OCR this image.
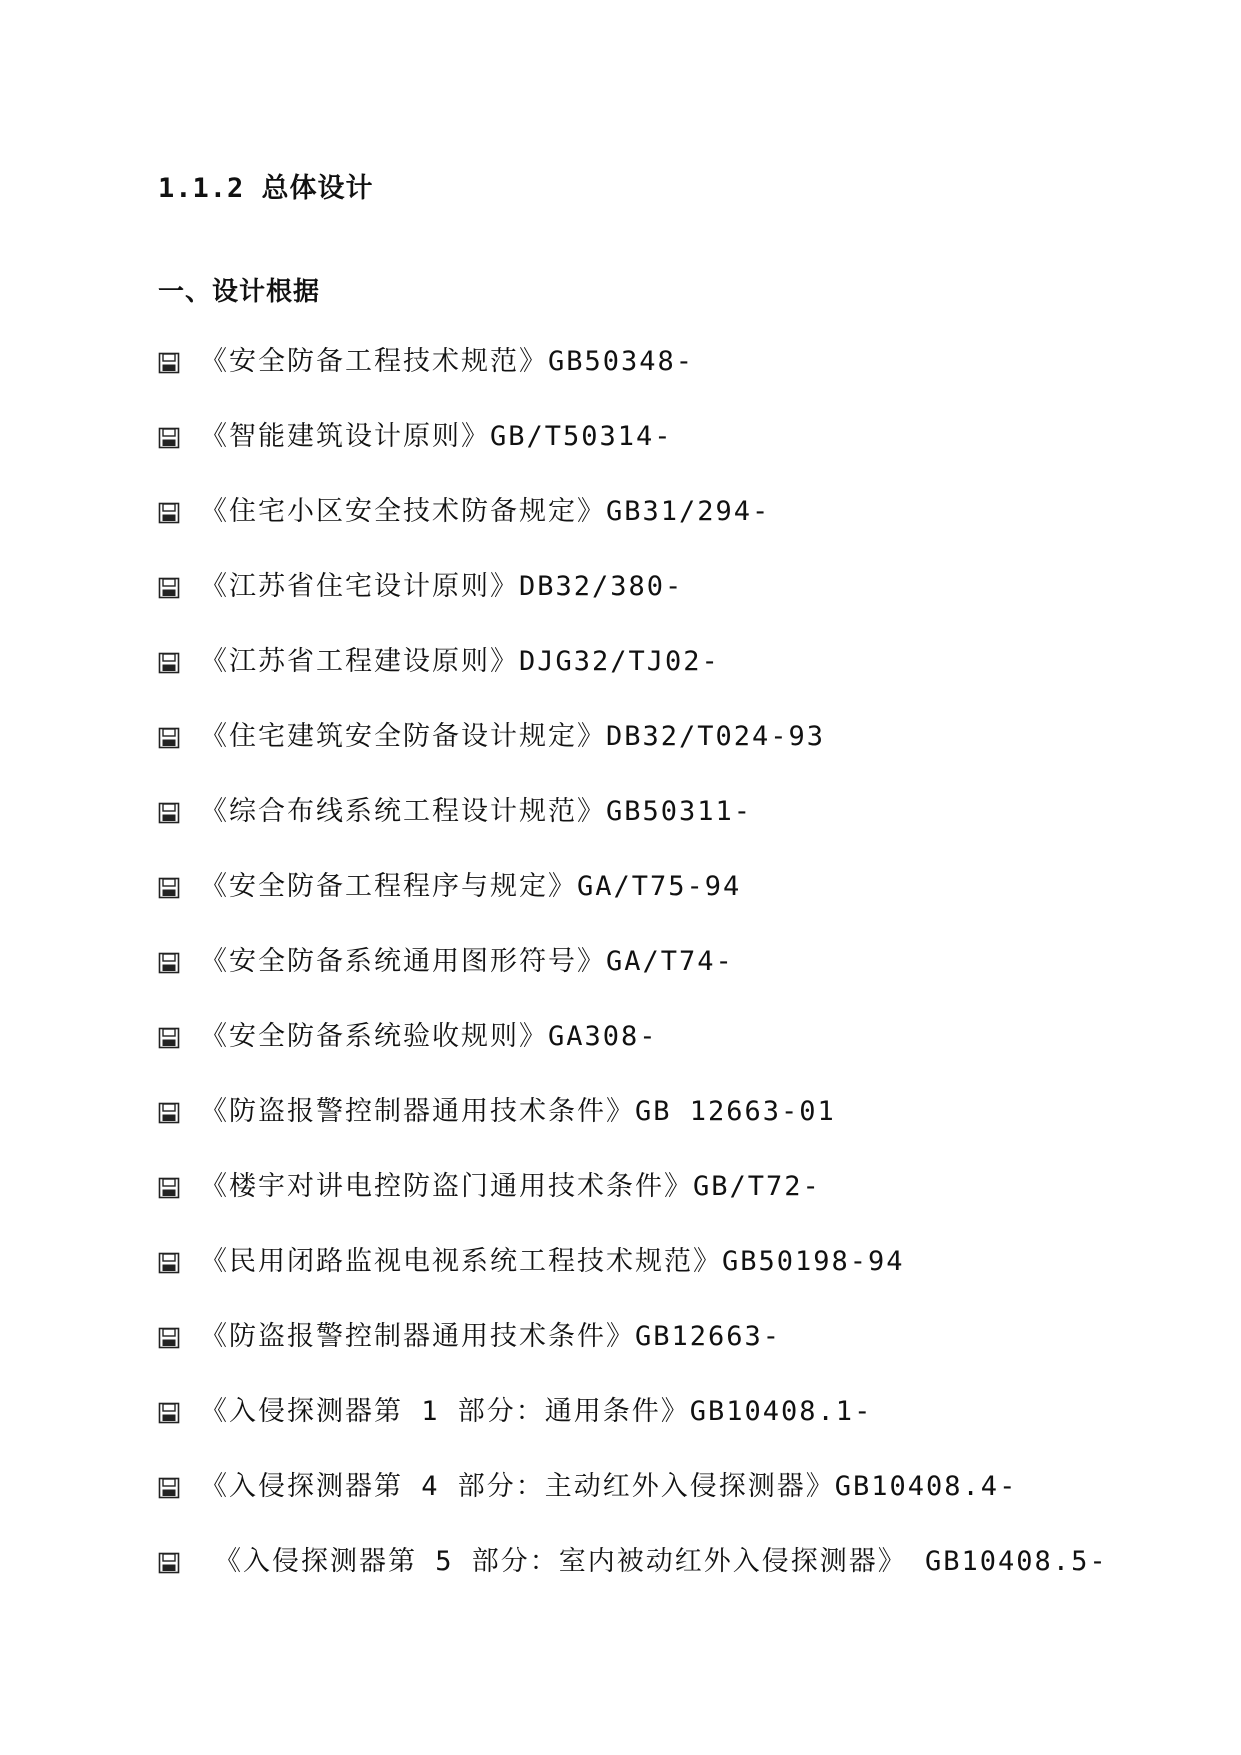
1.1.2 总体设计
一、设计根据
《安全防备工程技术规范》GB50348-
《智能建筑设计原则》GB/T50314-
《住宅小区安全技术防备规定》GB31/294-
《江苏省住宅设计原则》DB32/380-
《江苏省工程建设原则》DJG32/TJ02-
《住宅建筑安全防备设计规定》DB32/T024-93
《综合布线系统工程设计规范》GB50311-
《安全防备工程程序与规定》GA/T75-94
《安全防备系统通用图形符号》GA/T74-
《安全防备系统验收规则》GA308-
《防盗报警控制器通用技术条件》GB 12663-01
《楼宇对讲电控防盗门通用技术条件》GB/T72-
《民用闭路监视电视系统工程技术规范》GB50198-94
《防盗报警控制器通用技术条件》GB12663-
《入侵探测器第 1 部分：通用条件》GB10408.1-
《入侵探测器第 4 部分：主动红外入侵探测器》GB10408.4-
《入侵探测器第 5 部分：室内被动红外入侵探测器》 GB10408.5-
